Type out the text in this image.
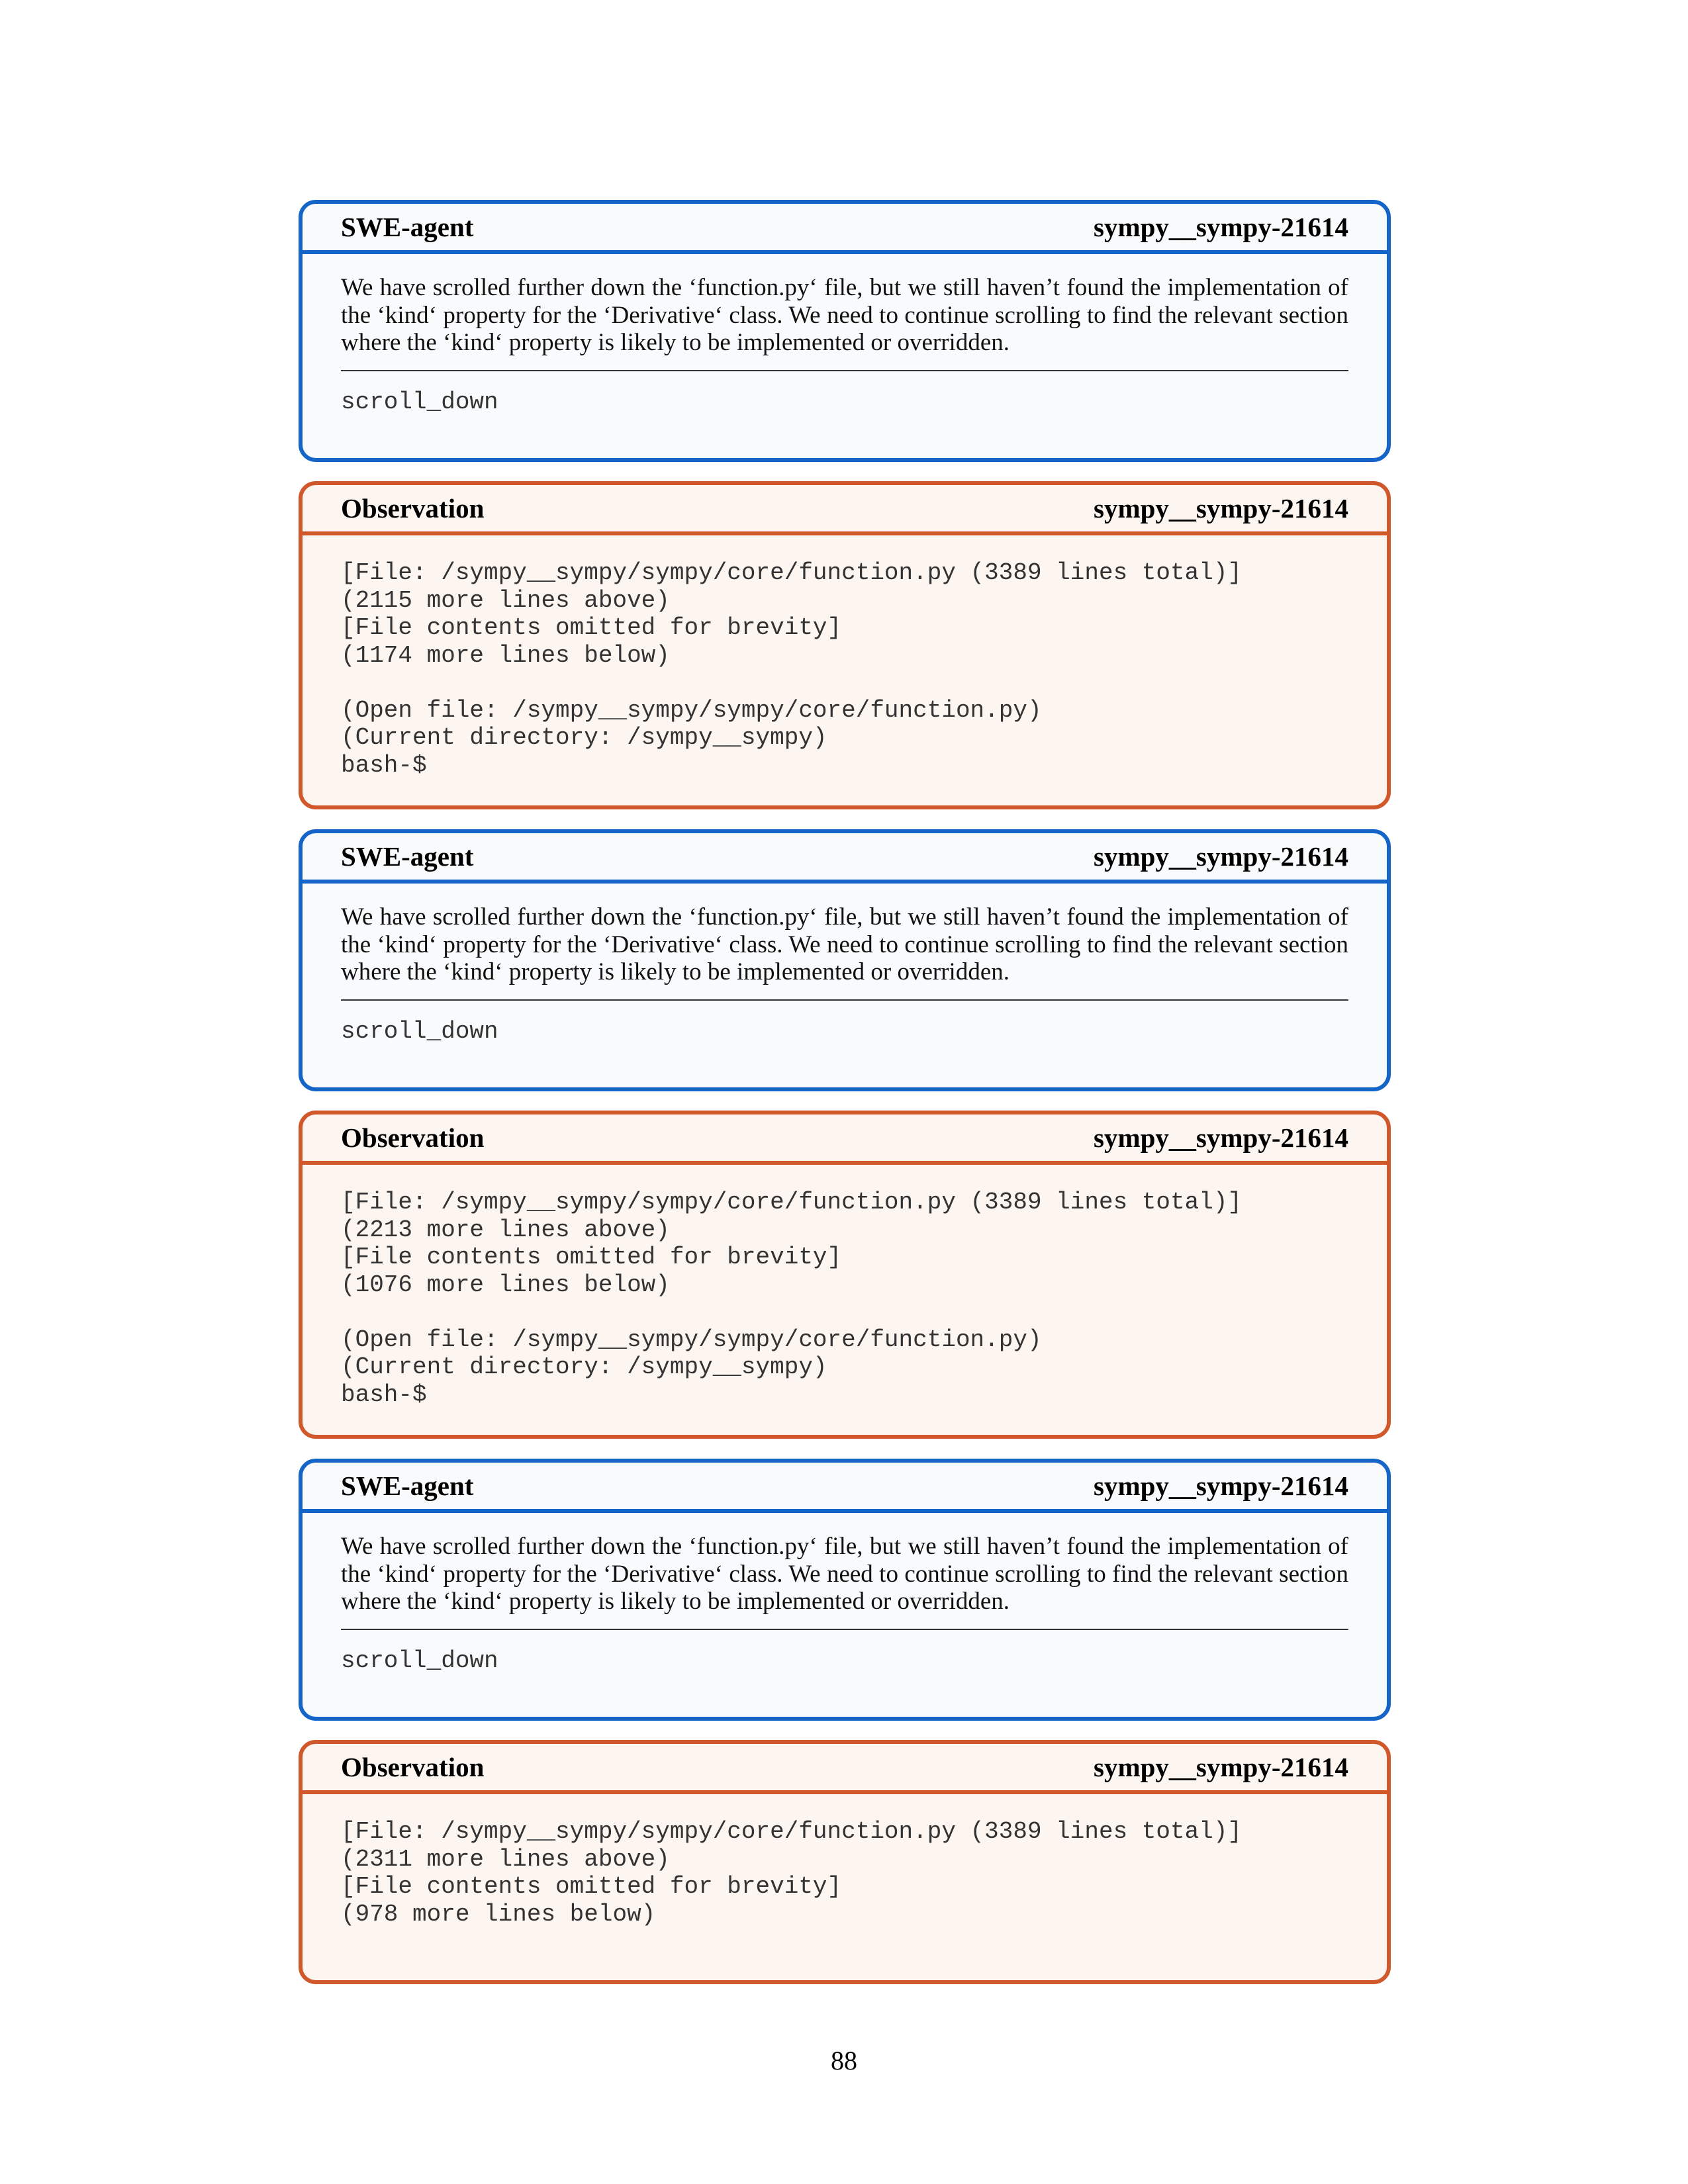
SWE-agent	sympy__sympy-21614

We have scrolled further down the ‘function.py‘ file, but we still haven’t found the implementation of the ‘kind‘ property for the ‘Derivative‘ class. We need to continue scrolling to find the relevant section where the ‘kind‘ property is likely to be implemented or overridden.

scroll_down
Observation	sympy__sympy-21614
[File: /sympy__sympy/sympy/core/function.py (3389 lines total)]
(2115 more lines above)
[File contents omitted for brevity]
(1174 more lines below)

(Open file: /sympy__sympy/sympy/core/function.py)
(Current directory: /sympy__sympy)
bash-$
SWE-agent	sympy__sympy-21614

We have scrolled further down the ‘function.py‘ file, but we still haven’t found the implementation of the ‘kind‘ property for the ‘Derivative‘ class. We need to continue scrolling to find the relevant section where the ‘kind‘ property is likely to be implemented or overridden.

scroll_down
Observation	sympy__sympy-21614
[File: /sympy__sympy/sympy/core/function.py (3389 lines total)]
(2213 more lines above)
[File contents omitted for brevity]
(1076 more lines below)

(Open file: /sympy__sympy/sympy/core/function.py)
(Current directory: /sympy__sympy)
bash-$
SWE-agent	sympy__sympy-21614

We have scrolled further down the ‘function.py‘ file, but we still haven’t found the implementation of the ‘kind‘ property for the ‘Derivative‘ class. We need to continue scrolling to find the relevant section where the ‘kind‘ property is likely to be implemented or overridden.

scroll_down
Observation	sympy__sympy-21614
[File: /sympy__sympy/sympy/core/function.py (3389 lines total)]
(2311 more lines above)
[File contents omitted for brevity]
(978 more lines below)
88
